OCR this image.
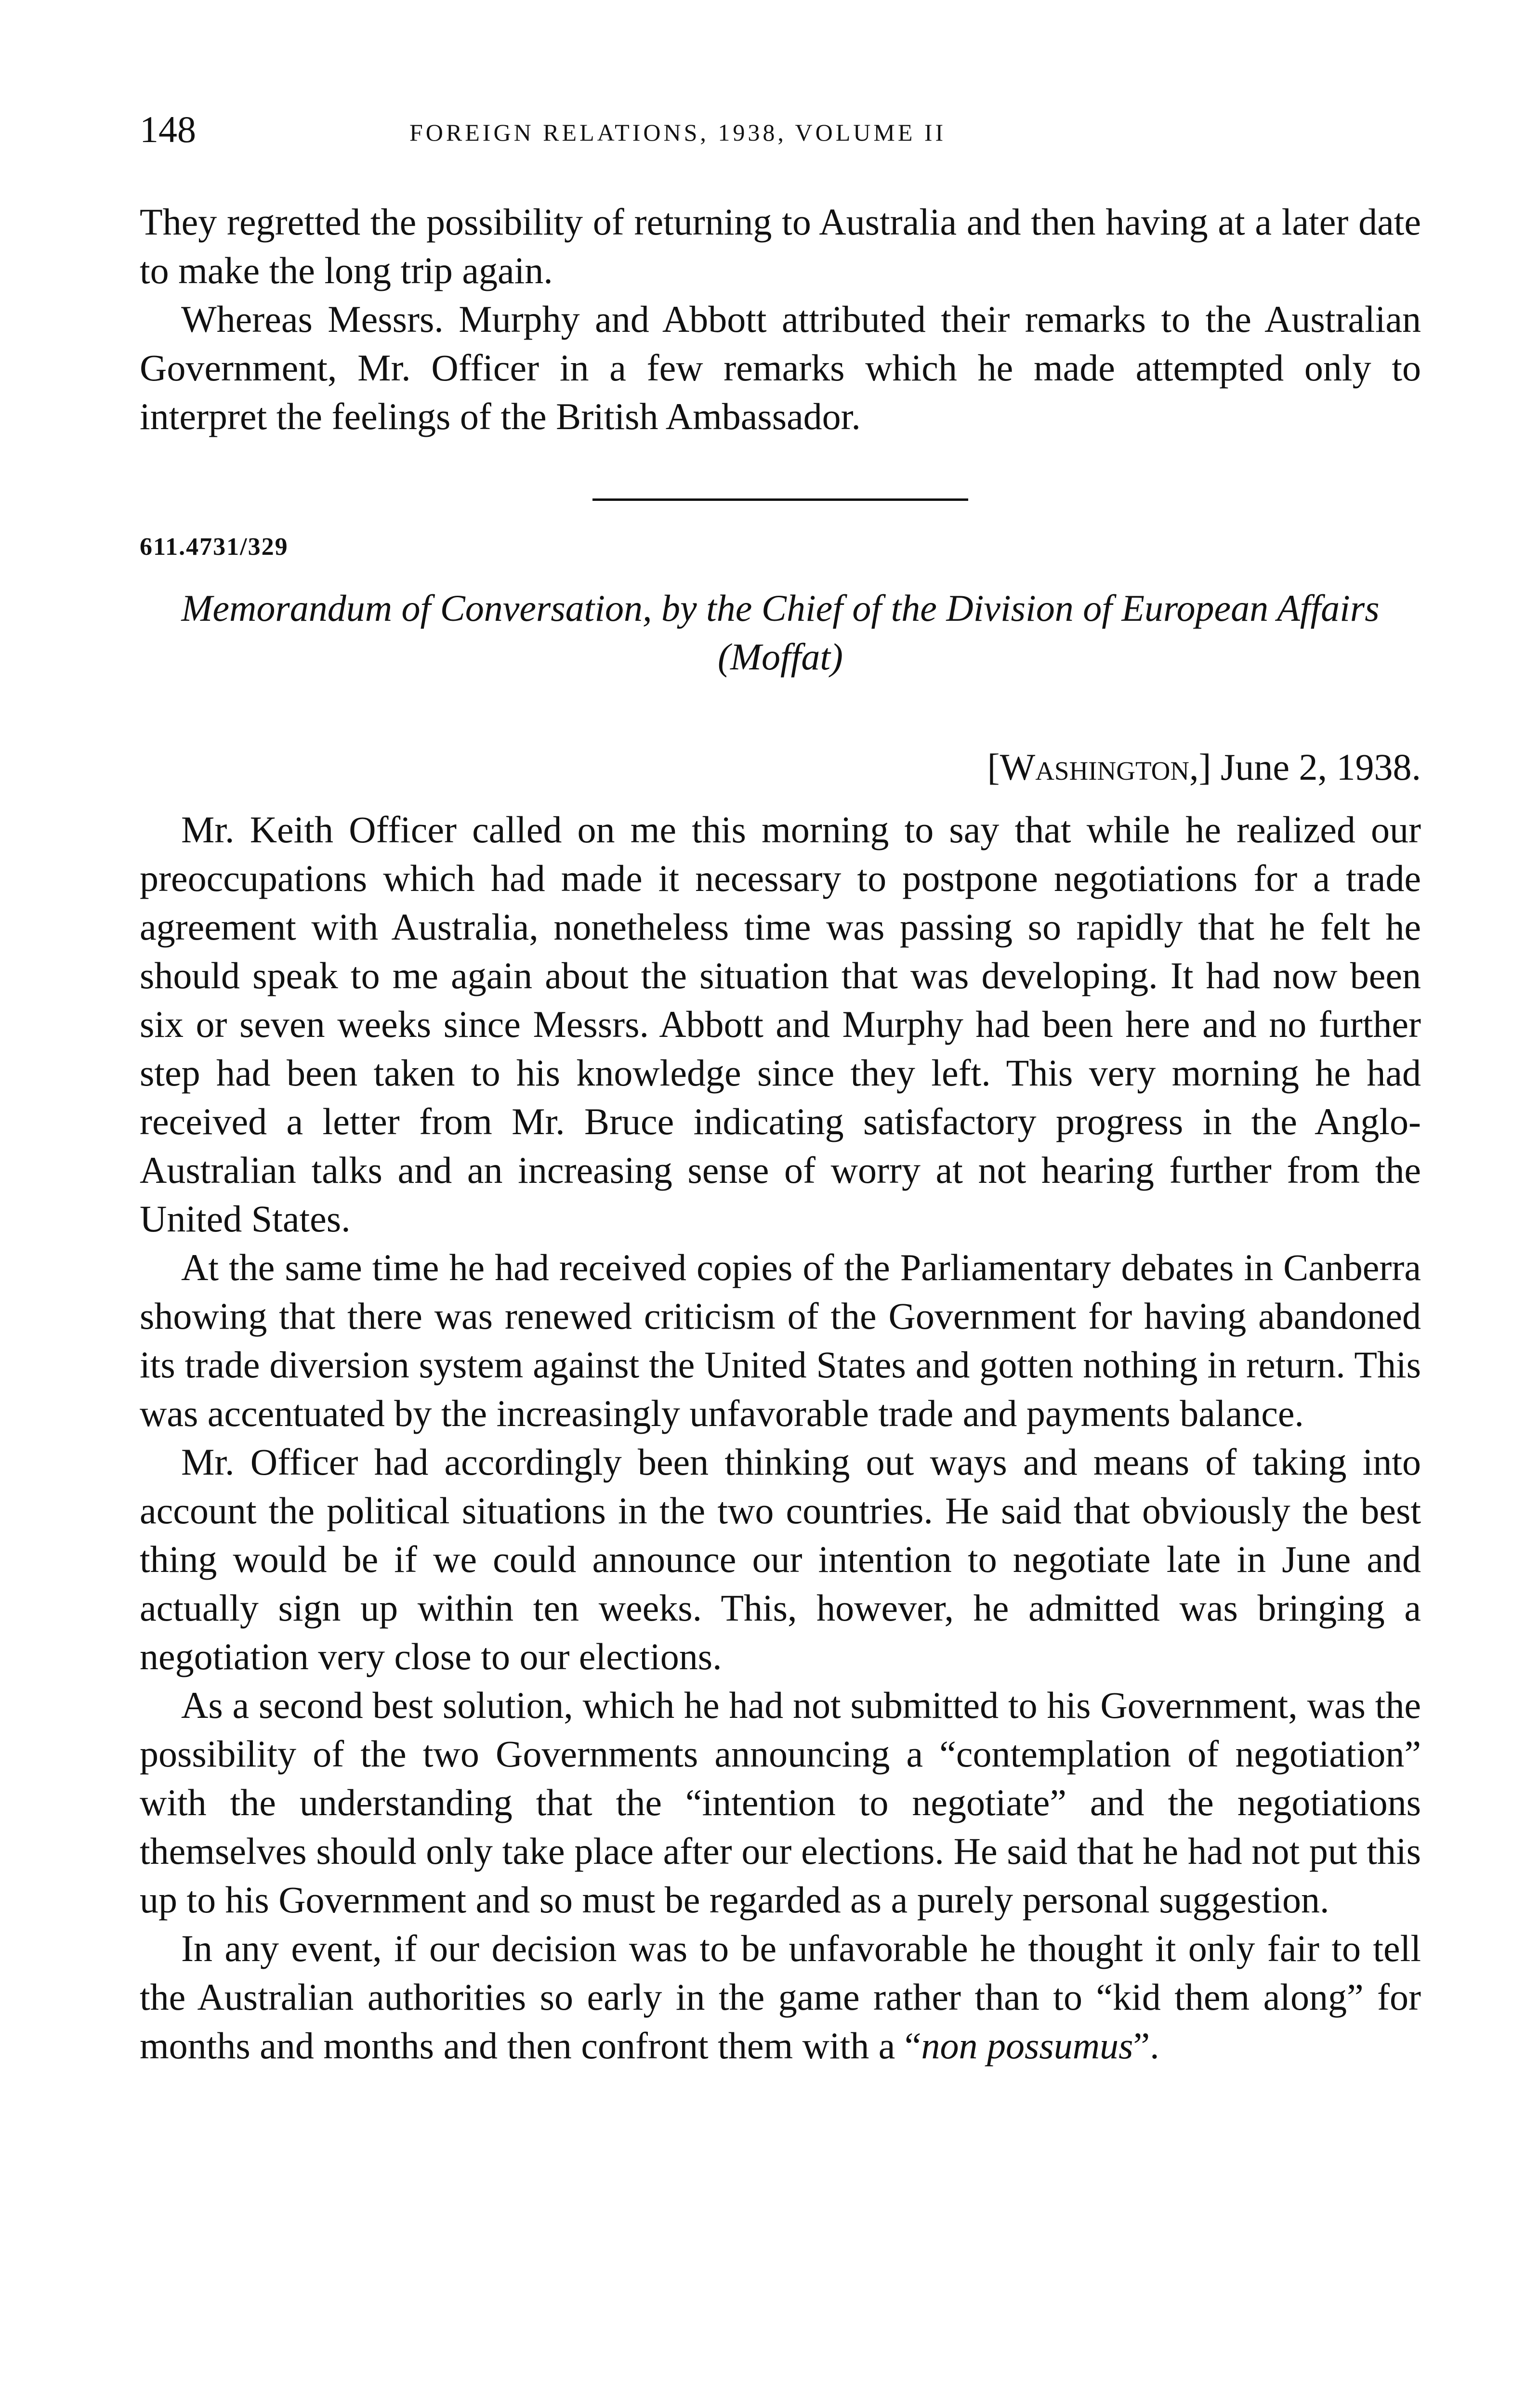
148	FOREIGN RELATIONS, 1938, VOLUME II

They regretted the possibility of returning to Australia and then having at a later date to make the long trip again.

Whereas Messrs. Murphy and Abbott attributed their remarks to the Australian Government, Mr. Officer in a few remarks which he made attempted only to interpret the feelings of the British Ambassador.

611.4731/329
Memorandum of Conversation, by the Chief of the Division of European Affairs (Moffat)
[Washington,] June 2, 1938.

Mr. Keith Officer called on me this morning to say that while he realized our preoccupations which had made it necessary to postpone negotiations for a trade agreement with Australia, nonetheless time was passing so rapidly that he felt he should speak to me again about the situation that was developing. It had now been six or seven weeks since Messrs. Abbott and Murphy had been here and no further step had been taken to his knowledge since they left. This very morning he had received a letter from Mr. Bruce indicating satisfactory progress in the Anglo-Australian talks and an increasing sense of worry at not hearing further from the United States.

At the same time he had received copies of the Parliamentary debates in Canberra showing that there was renewed criticism of the Government for having abandoned its trade diversion system against the United States and gotten nothing in return. This was accentuated by the increasingly unfavorable trade and payments balance.

Mr. Officer had accordingly been thinking out ways and means of taking into account the political situations in the two countries. He said that obviously the best thing would be if we could announce our intention to negotiate late in June and actually sign up within ten weeks. This, however, he admitted was bringing a negotiation very close to our elections.

As a second best solution, which he had not submitted to his Government, was the possibility of the two Governments announcing a “contemplation of negotiation” with the understanding that the “intention to negotiate” and the negotiations themselves should only take place after our elections. He said that he had not put this up to his Government and so must be regarded as a purely personal suggestion.

In any event, if our decision was to be unfavorable he thought it only fair to tell the Australian authorities so early in the game rather than to “kid them along” for months and months and then confront them with a “non possumus”.
